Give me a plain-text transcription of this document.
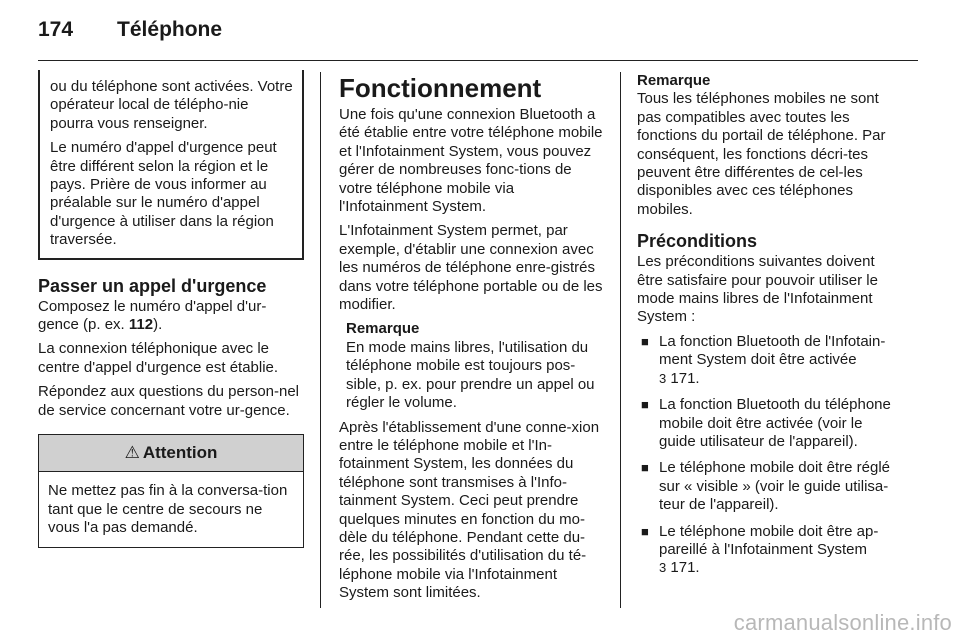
174 Téléphone

ou du téléphone sont activées. Votre opérateur local de télépho-nie pourra vous renseigner.

Le numéro d'appel d'urgence peut être différent selon la région et le pays. Prière de vous informer au préalable sur le numéro d'appel d'urgence à utiliser dans la région traversée.

Passer un appel d'urgence

Composez le numéro d'appel d'ur-gence (p. ex. 112).

La connexion téléphonique avec le centre d'appel d'urgence est établie.

Répondez aux questions du person-nel de service concernant votre ur-gence.

⚠ Attention
Ne mettez pas fin à la conversa-tion tant que le centre de secours ne vous l'a pas demandé.
Fonctionnement

Une fois qu'une connexion Bluetooth a été établie entre votre téléphone mobile et l'Infotainment System, vous pouvez gérer de nombreuses fonc-tions de votre téléphone mobile via l'Infotainment System.

L'Infotainment System permet, par exemple, d'établir une connexion avec les numéros de téléphone enre-gistrés dans votre téléphone portable ou de les modifier.

Remarque
En mode mains libres, l'utilisation du téléphone mobile est toujours pos-sible, p. ex. pour prendre un appel ou régler le volume.

Après l'établissement d'une conne-xion entre le téléphone mobile et l'In-fotainment System, les données du téléphone sont transmises à l'Info-tainment System. Ceci peut prendre quelques minutes en fonction du mo-dèle du téléphone. Pendant cette du-rée, les possibilités d'utilisation du té-léphone mobile via l'Infotainment System sont limitées.

Remarque
Tous les téléphones mobiles ne sont pas compatibles avec toutes les fonctions du portail de téléphone. Par conséquent, les fonctions décri-tes peuvent être différentes de cel-les disponibles avec ces téléphones mobiles.
Préconditions

Les préconditions suivantes doivent être satisfaire pour pouvoir utiliser le mode mains libres de l'Infotainment System :

■ La fonction Bluetooth de l'Infotain-ment System doit être activée
3 171.
■ La fonction Bluetooth du téléphone mobile doit être activée (voir le guide utilisateur de l'appareil).
■ Le téléphone mobile doit être réglé sur « visible » (voir le guide utilisa-teur de l'appareil).
■ Le téléphone mobile doit être ap-pareillé à l'Infotainment System
3 171.
carmanualsonline.info
